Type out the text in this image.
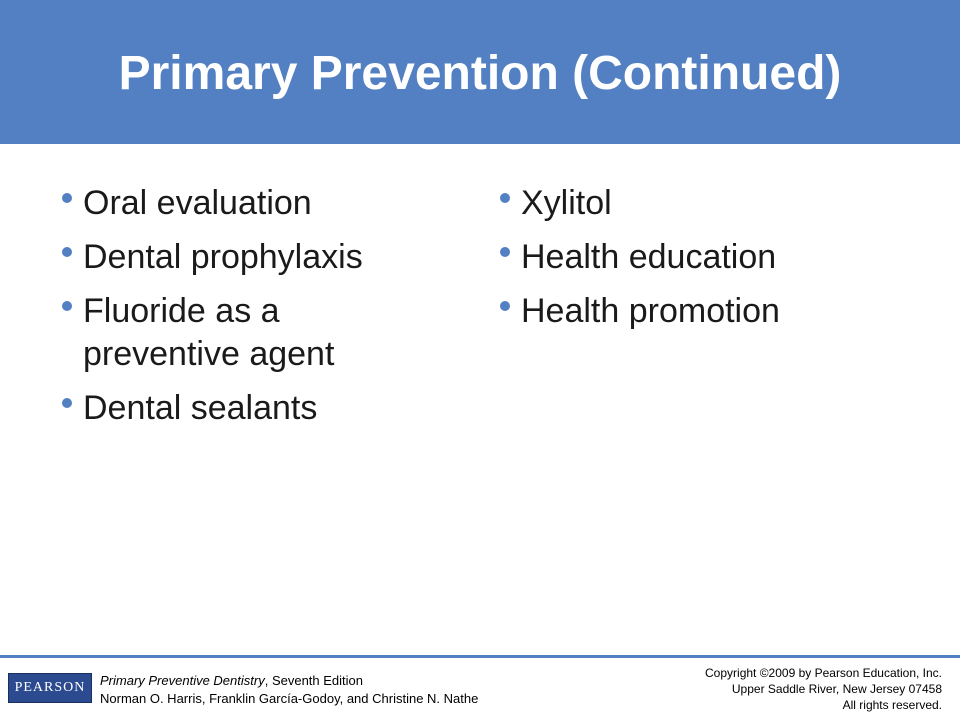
Primary Prevention (Continued)
Oral evaluation
Dental prophylaxis
Fluoride as a
preventive agent
Dental sealants
Xylitol
Health education
Health promotion
PEARSON Primary Preventive Dentistry, Seventh Edition
Norman O. Harris, Franklin García-Godoy, and Christine N. Nathe
Copyright ©2009 by Pearson Education, Inc.
Upper Saddle River, New Jersey 07458
All rights reserved.
